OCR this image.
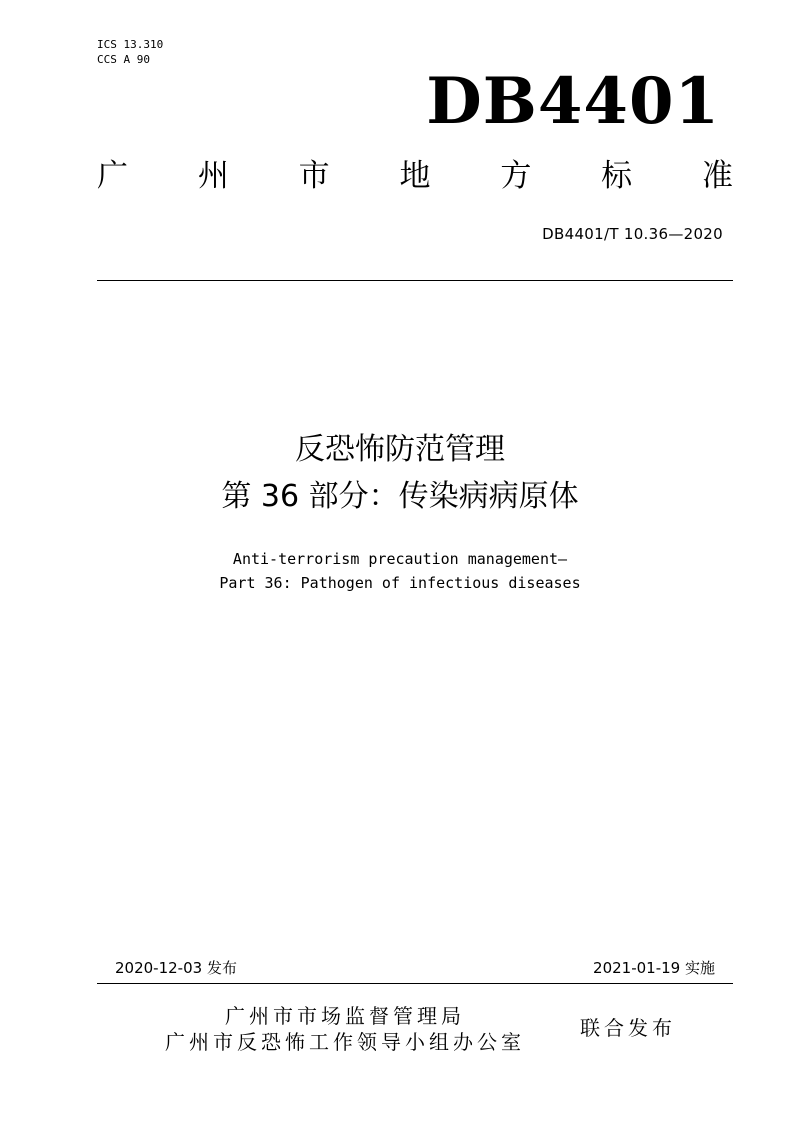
ICS 13.310
CCS A 90
DB4401
广 州 市 地 方 标 准
DB4401/T 10.36—2020
反恐怖防范管理
第 36 部分：传染病病原体
Anti-terrorism precaution management—
Part 36: Pathogen of infectious diseases
2020-12-03 发布	2021-01-19 实施
广州市市场监督管理局
广州市反恐怖工作领导小组办公室
联合发布
